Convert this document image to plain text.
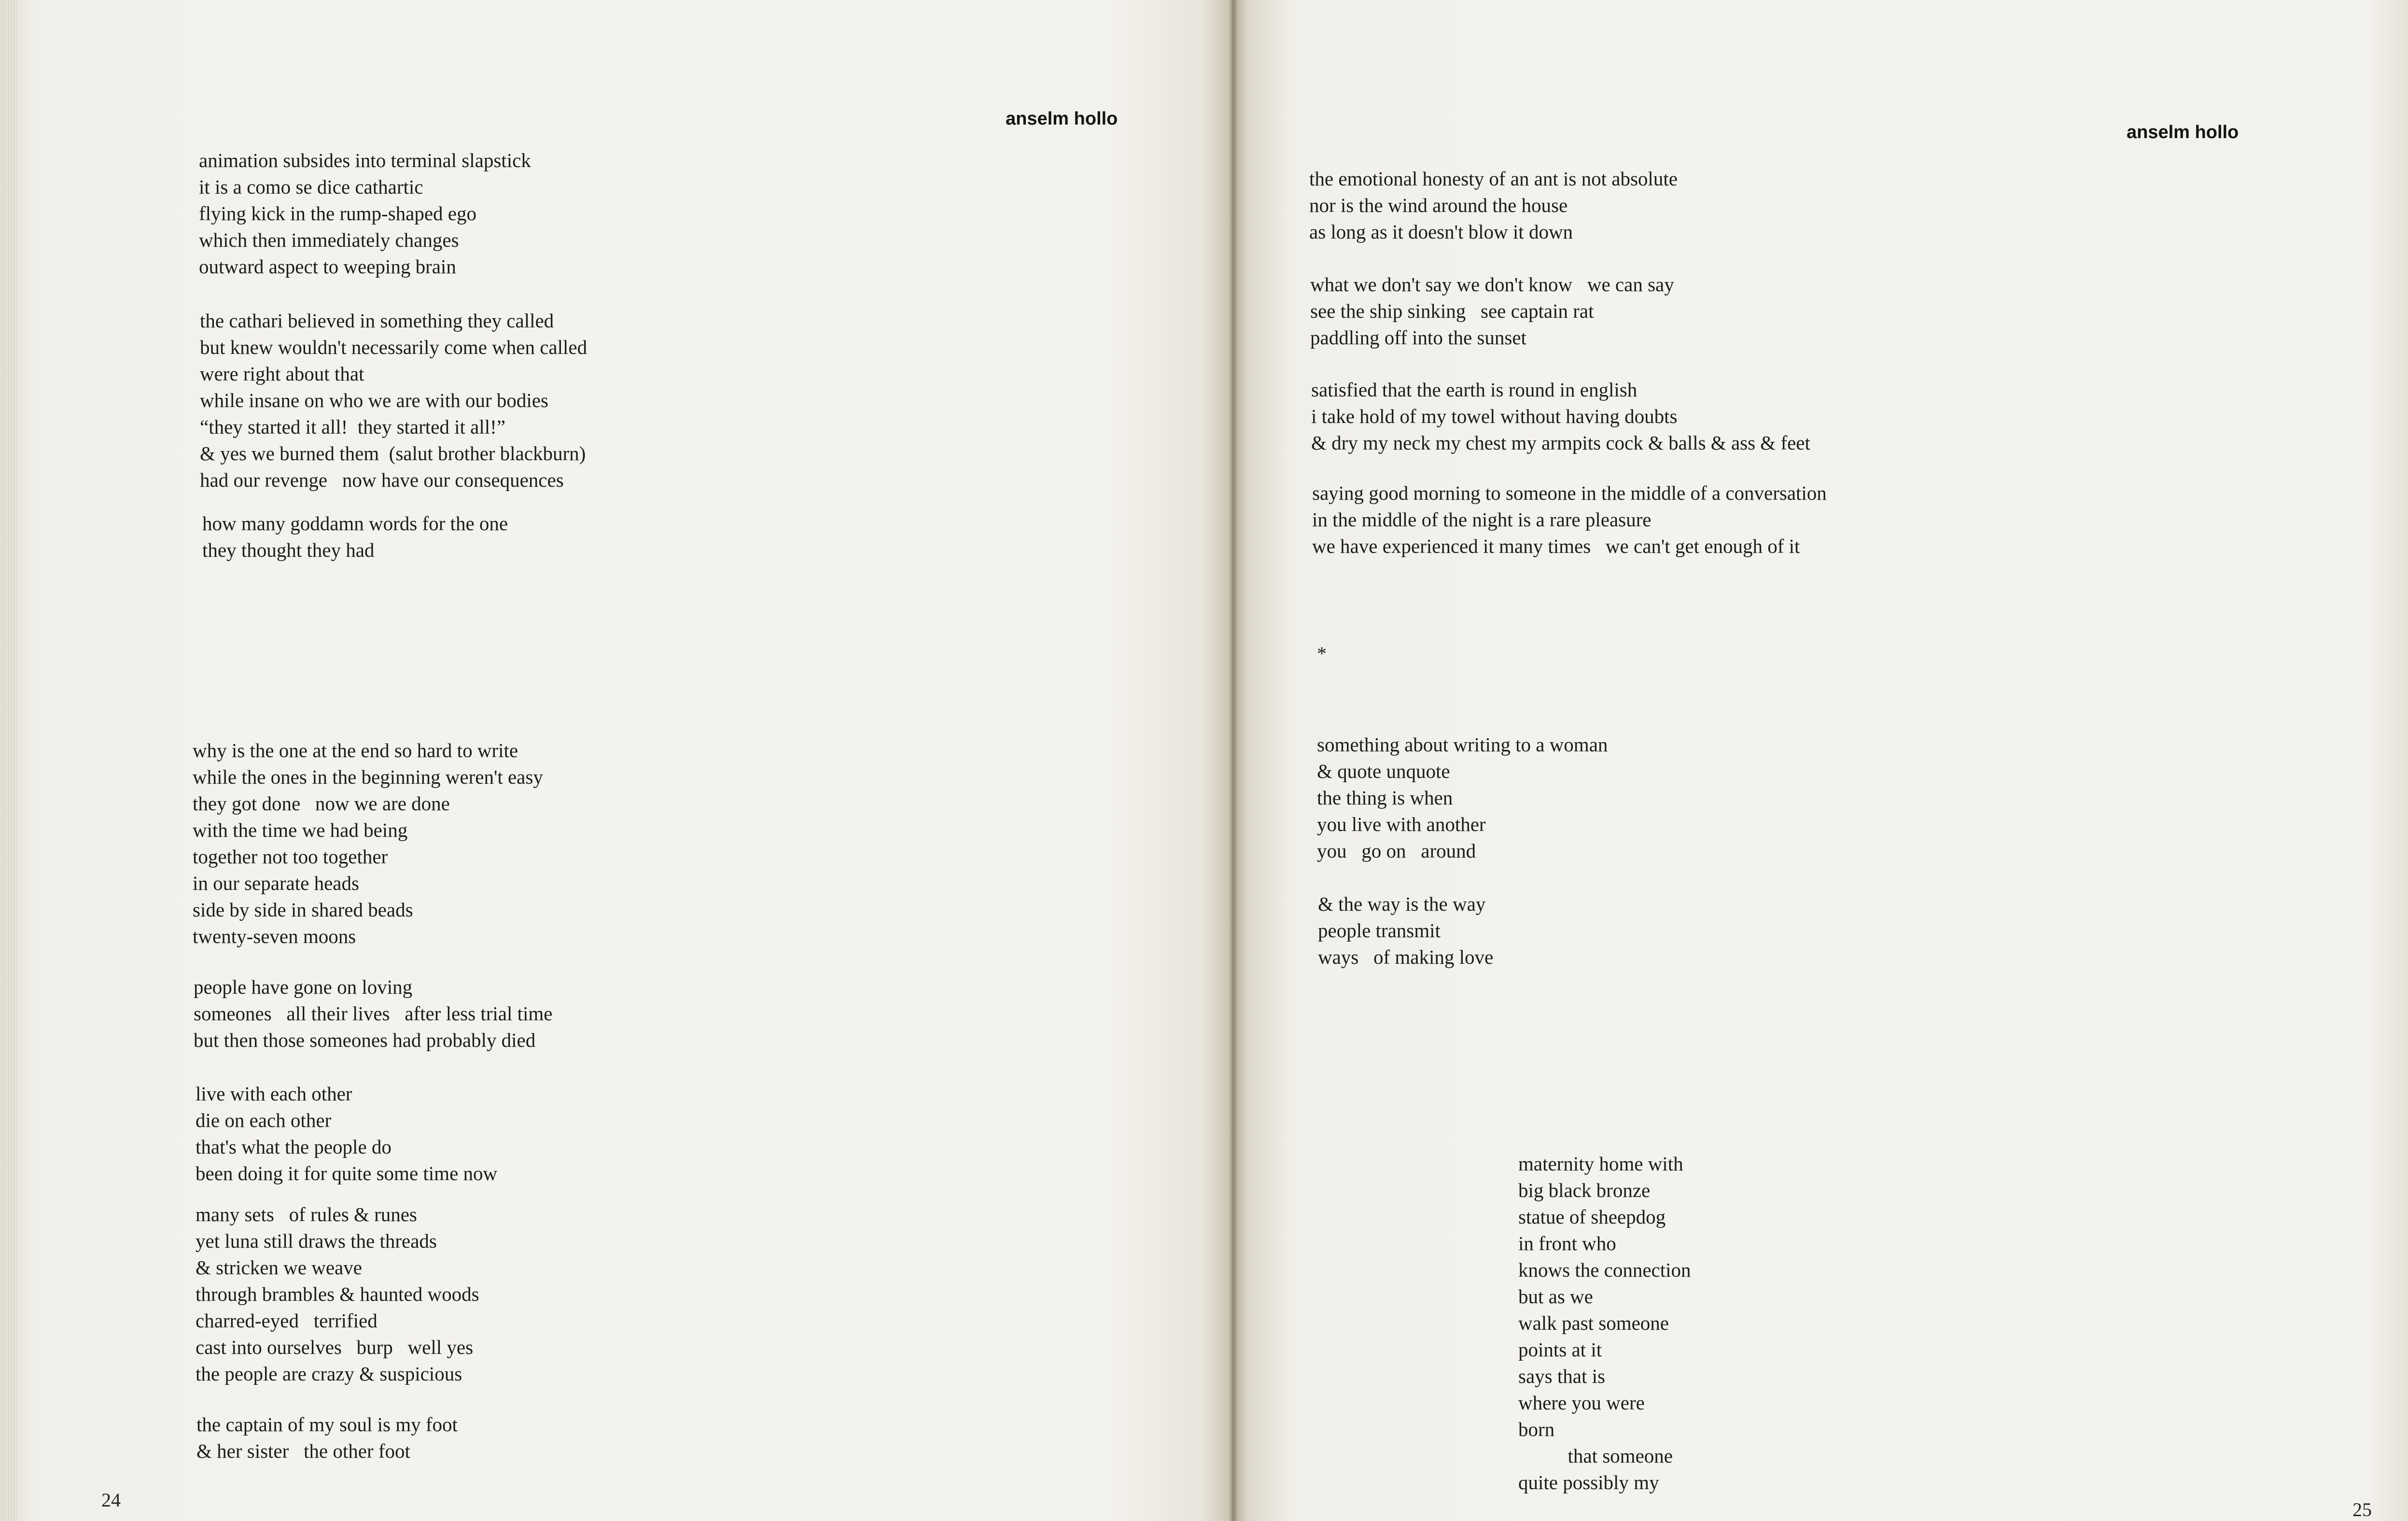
anselm hollo

animation subsides into terminal slapstick
it is a como se dice cathartic
flying kick in the rump-shaped ego
which then immediately changes
outward aspect to weeping brain

the cathari believed in something they called
but knew wouldn't necessarily come when called
were right about that
while insane on who we are with our bodies
“they started it all!  they started it all!”
& yes we burned them  (salut brother blackburn)
had our revenge   now have our consequences

how many goddamn words for the one
they thought they had

why is the one at the end so hard to write
while the ones in the beginning weren't easy
they got done   now we are done
with the time we had being
together not too together
in our separate heads
side by side in shared beads
twenty-seven moons

people have gone on loving
someones   all their lives   after less trial time
but then those someones had probably died

live with each other
die on each other
that's what the people do
been doing it for quite some time now

many sets   of rules & runes
yet luna still draws the threads
& stricken we weave
through brambles & haunted woods
charred-eyed   terrified
cast into ourselves   burp   well yes
the people are crazy & suspicious

the captain of my soul is my foot
& her sister   the other foot

24
anselm hollo

the emotional honesty of an ant is not absolute
nor is the wind around the house
as long as it doesn't blow it down

what we don't say we don't know   we can say
see the ship sinking   see captain rat
paddling off into the sunset

satisfied that the earth is round in english
i take hold of my towel without having doubts
& dry my neck my chest my armpits cock & balls & ass & feet

saying good morning to someone in the middle of a conversation
in the middle of the night is a rare pleasure
we have experienced it many times   we can't get enough of it

*

something about writing to a woman
& quote unquote
the thing is when
you live with another
you   go on   around

& the way is the way
people transmit
ways   of making love

maternity home with
big black bronze
statue of sheepdog
in front who
knows the connection
but as we
walk past someone
points at it
says that is
where you were
born
that someone
quite possibly my

25
